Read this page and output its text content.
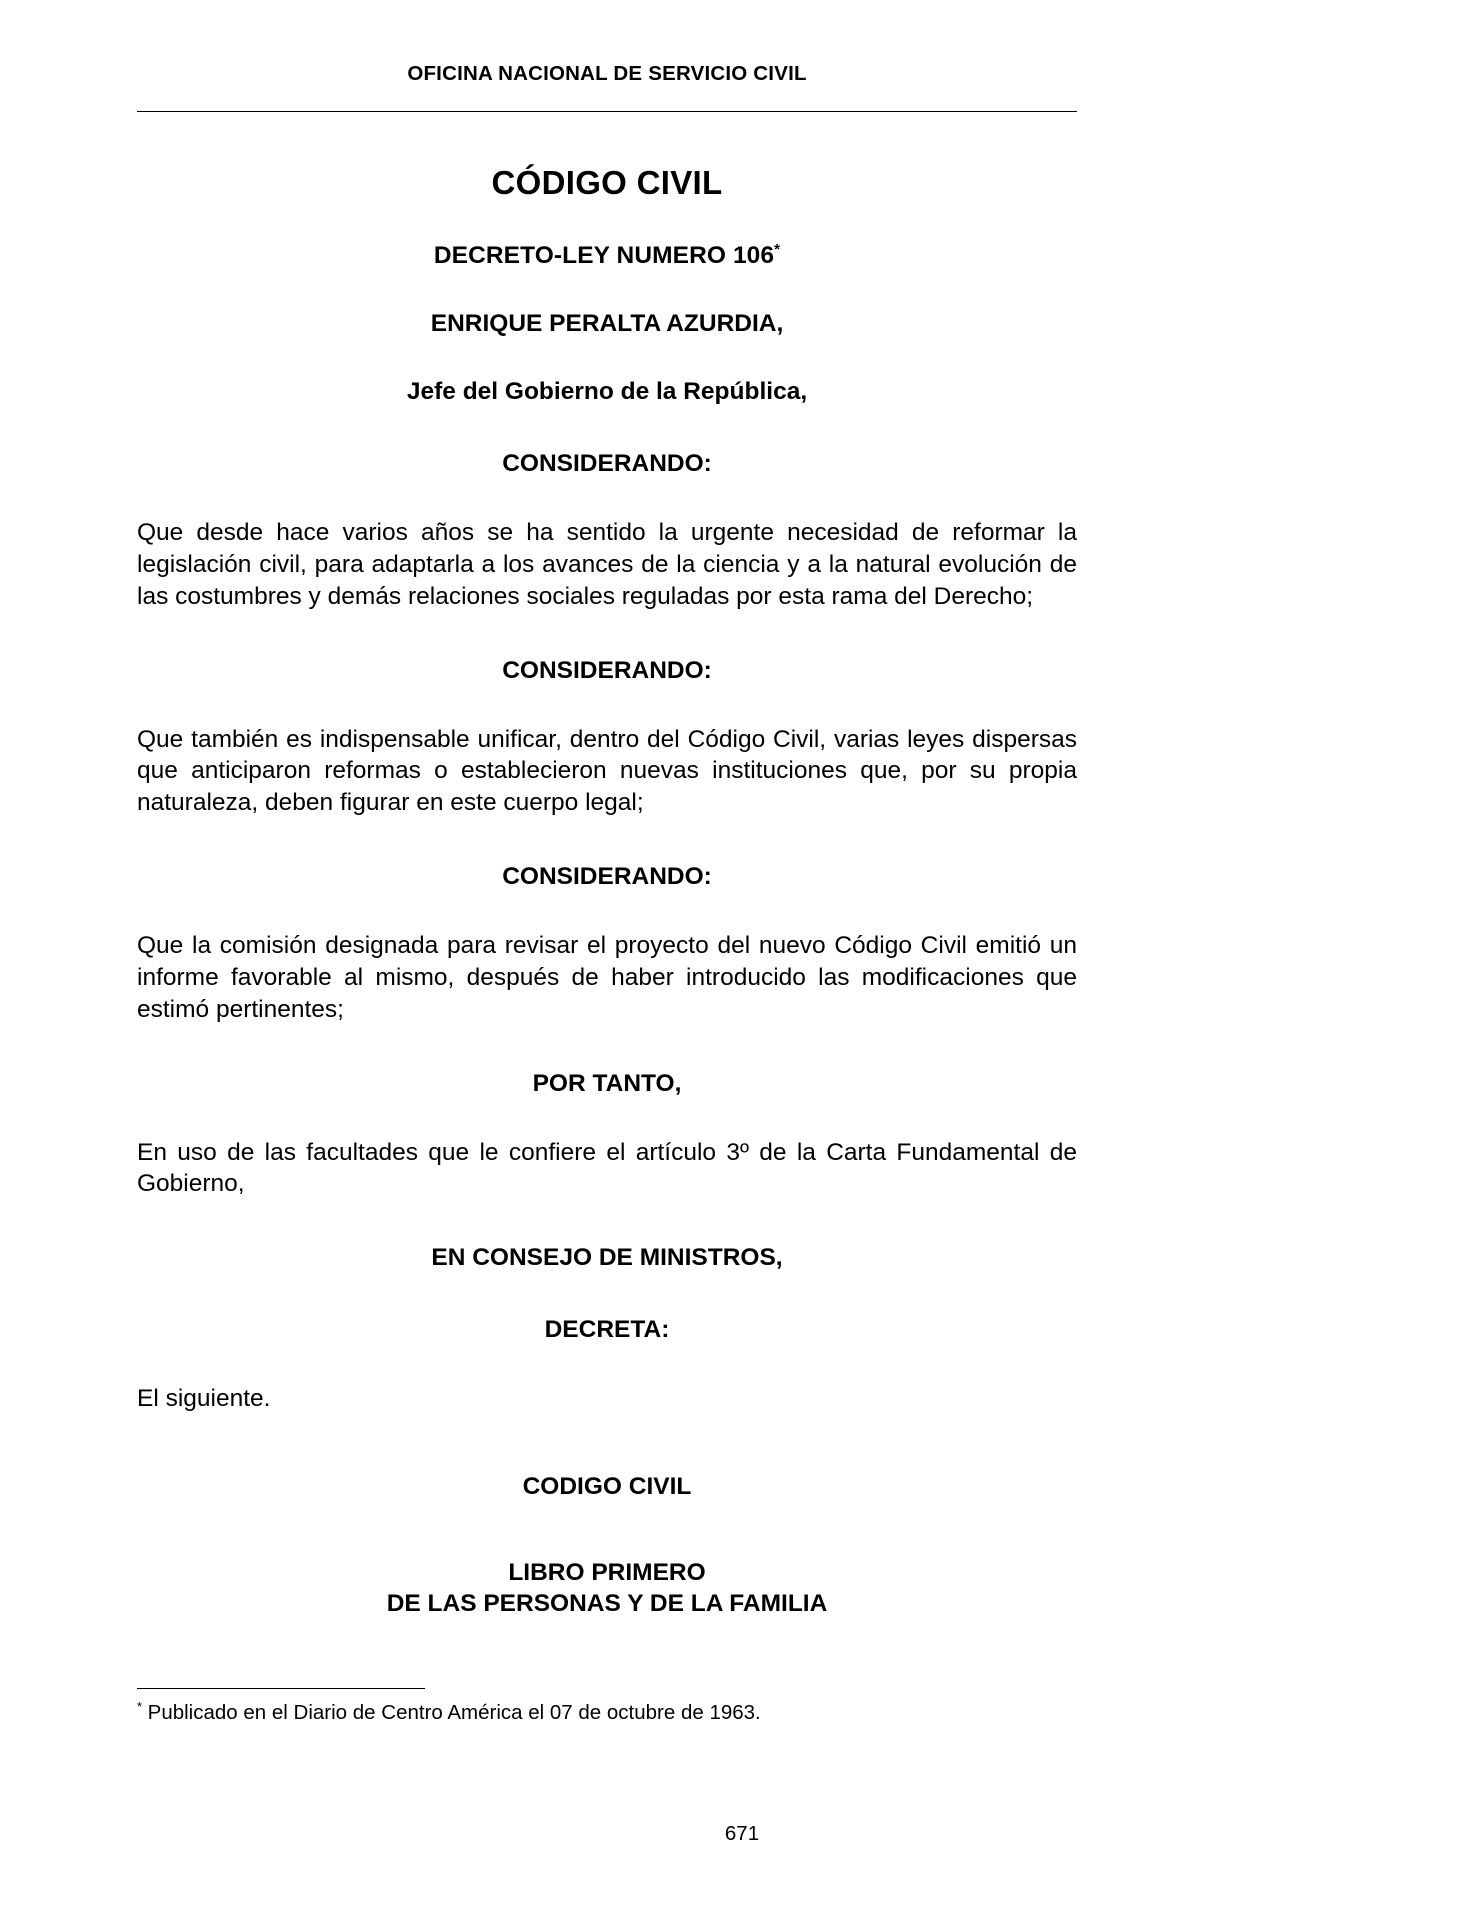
OFICINA NACIONAL DE SERVICIO CIVIL
CÓDIGO CIVIL
DECRETO-LEY NUMERO 106*
ENRIQUE PERALTA AZURDIA,
Jefe del Gobierno de la República,
CONSIDERANDO:

Que desde hace varios años se ha sentido la urgente necesidad de reformar la legislación civil, para adaptarla a los avances de la ciencia y a la natural evolución de las costumbres y demás relaciones sociales reguladas por esta rama del Derecho;

CONSIDERANDO:

Que también es indispensable unificar, dentro del Código Civil, varias leyes dispersas que anticiparon reformas o establecieron nuevas instituciones que, por su propia naturaleza, deben figurar en este cuerpo legal;

CONSIDERANDO:

Que la comisión designada para revisar el proyecto del nuevo Código Civil emitió un informe favorable al mismo, después de haber introducido las modificaciones que estimó pertinentes;

POR TANTO,

En uso de las facultades que le confiere el artículo 3º de la Carta Fundamental de Gobierno,

EN CONSEJO DE MINISTROS,
DECRETA:

El siguiente.

CODIGO CIVIL
LIBRO PRIMERO
DE LAS PERSONAS Y DE LA FAMILIA
* Publicado en el Diario de Centro América el 07 de octubre de 1963.
671
